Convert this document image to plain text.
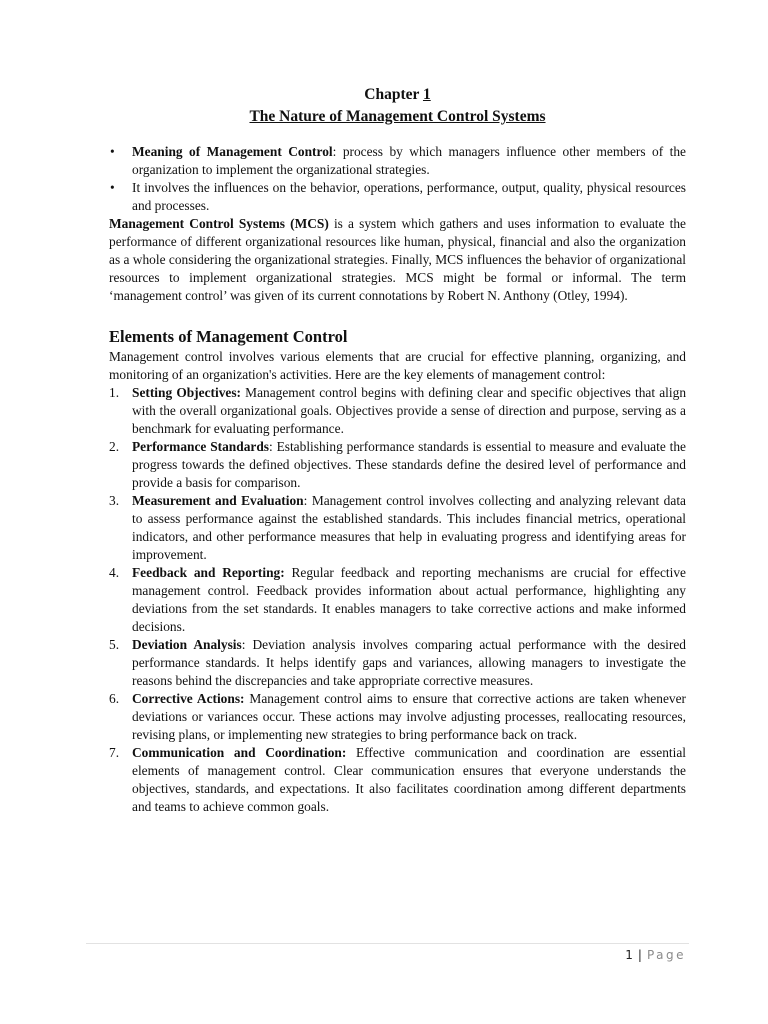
Chapter 1
The Nature of Management Control Systems
• Meaning of Management Control: process by which managers influence other members of the organization to implement the organizational strategies.
• It involves the influences on the behavior, operations, performance, output, quality, physical resources and processes.

Management Control Systems (MCS) is a system which gathers and uses information to evaluate the performance of different organizational resources like human, physical, financial and also the organization as a whole considering the organizational strategies. Finally, MCS influences the behavior of organizational resources to implement organizational strategies. MCS might be formal or informal. The term ‘management control’ was given of its current connotations by Robert N. Anthony (Otley, 1994).

Elements of Management Control

Management control involves various elements that are crucial for effective planning, organizing, and monitoring of an organization's activities. Here are the key elements of management control:

1. Setting Objectives: Management control begins with defining clear and specific objectives that align with the overall organizational goals. Objectives provide a sense of direction and purpose, serving as a benchmark for evaluating performance.
2. Performance Standards: Establishing performance standards is essential to measure and evaluate the progress towards the defined objectives. These standards define the desired level of performance and provide a basis for comparison.
3. Measurement and Evaluation: Management control involves collecting and analyzing relevant data to assess performance against the established standards. This includes financial metrics, operational indicators, and other performance measures that help in evaluating progress and identifying areas for improvement.
4. Feedback and Reporting: Regular feedback and reporting mechanisms are crucial for effective management control. Feedback provides information about actual performance, highlighting any deviations from the set standards. It enables managers to take corrective actions and make informed decisions.
5. Deviation Analysis: Deviation analysis involves comparing actual performance with the desired performance standards. It helps identify gaps and variances, allowing managers to investigate the reasons behind the discrepancies and take appropriate corrective measures.
6. Corrective Actions: Management control aims to ensure that corrective actions are taken whenever deviations or variances occur. These actions may involve adjusting processes, reallocating resources, revising plans, or implementing new strategies to bring performance back on track.
7. Communication and Coordination: Effective communication and coordination are essential elements of management control. Clear communication ensures that everyone understands the objectives, standards, and expectations. It also facilitates coordination among different departments and teams to achieve common goals.
1 | Page
